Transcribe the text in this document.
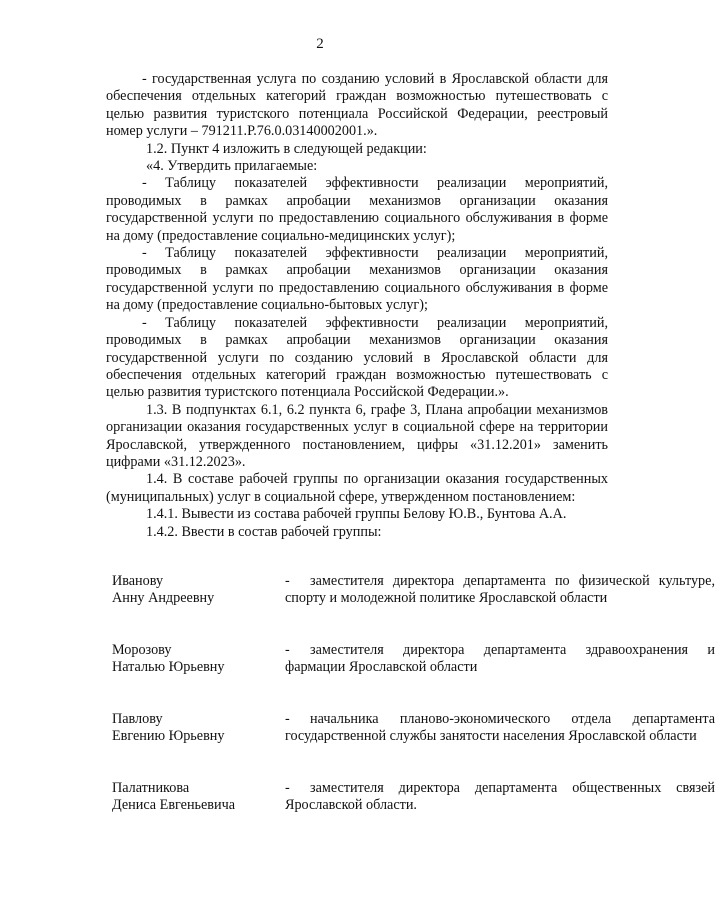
2

- государственная услуга по созданию условий в Ярославской области для обеспечения отдельных категорий граждан возможностью путешествовать с целью развития туристского потенциала Российской Федерации, реестровый номер услуги – 791211.Р.76.0.03140002001.».

1.2. Пункт 4 изложить в следующей редакции:

«4. Утвердить прилагаемые:

- Таблицу показателей эффективности реализации мероприятий, проводимых в рамках апробации механизмов организации оказания государственной услуги по предоставлению социального обслуживания в форме на дому (предоставление социально-медицинских услуг);

- Таблицу показателей эффективности реализации мероприятий, проводимых в рамках апробации механизмов организации оказания государственной услуги по предоставлению социального обслуживания в форме на дому (предоставление социально-бытовых услуг);

- Таблицу показателей эффективности реализации мероприятий, проводимых в рамках апробации механизмов организации оказания государственной услуги по созданию условий в Ярославской области для обеспечения отдельных категорий граждан возможностью путешествовать с целью развития туристского потенциала Российской Федерации.».

1.3. В подпунктах 6.1, 6.2 пункта 6, графе 3, Плана апробации механизмов организации оказания государственных услуг в социальной сфере на территории Ярославской, утвержденного постановлением, цифры «31.12.201» заменить цифрами «31.12.2023».

1.4. В составе рабочей группы по организации оказания государственных (муниципальных) услуг в социальной сфере, утвержденном постановлением:

1.4.1. Вывести из состава рабочей группы Белову Ю.В., Бунтова А.А.

1.4.2. Ввести в состав рабочей группы:

Иванову
Анну Андреевну
- заместителя директора департамента по физической культуре, спорту и молодежной политике Ярославской области
Морозову
Наталью Юрьевну
- заместителя директора департамента здравоохранения и фармации Ярославской области
Павлову
Евгению Юрьевну
- начальника планово-экономического отдела департамента государственной службы занятости населения Ярославской области
Палатникова
Дениса Евгеньевича
- заместителя директора департамента общественных связей Ярославской области.
